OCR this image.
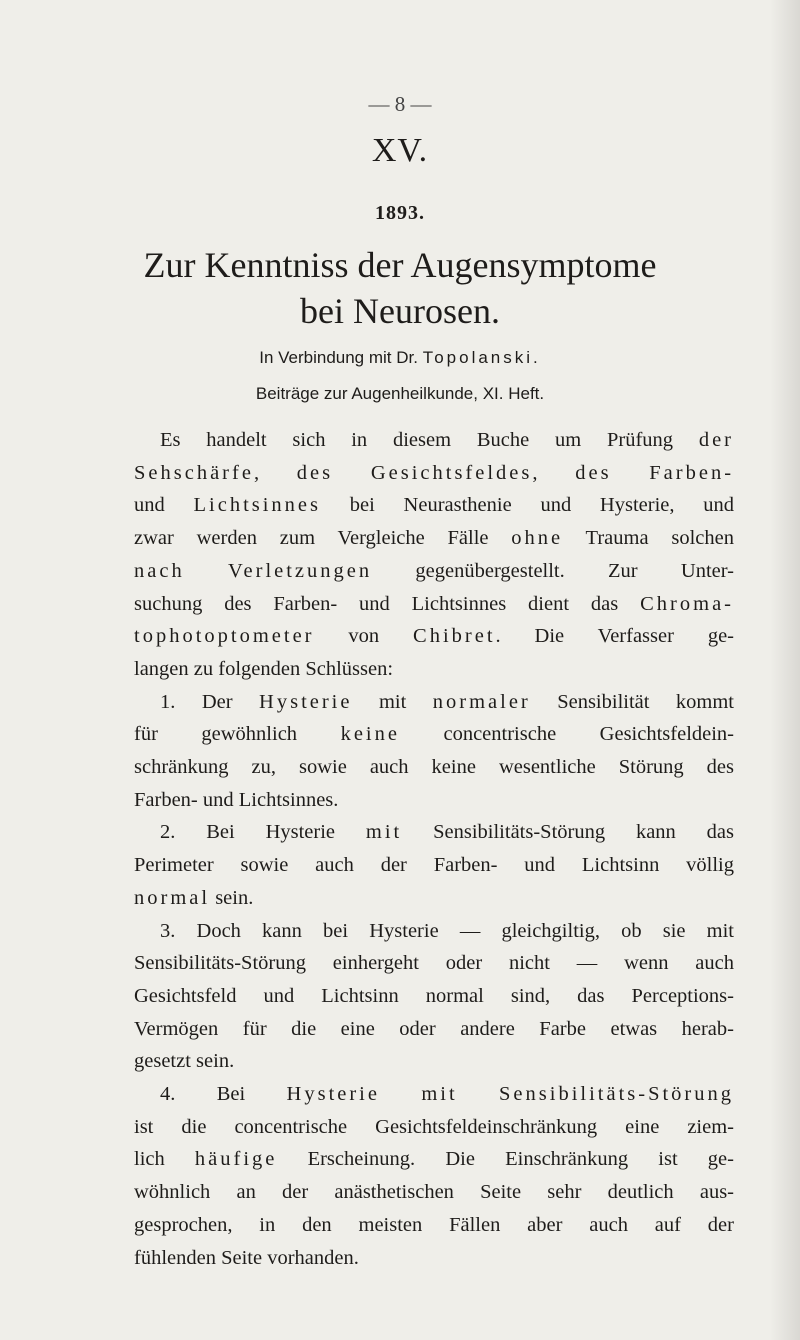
— 8 —
XV.
1893.
Zur Kenntniss der Augensymptome bei Neurosen.
In Verbindung mit Dr. Topolanski.
Beiträge zur Augenheilkunde, XI. Heft.

Es handelt sich in diesem Buche um Prüfung der

Sehschärfe, des Gesichtsfeldes, des Farben-

und Lichtsinnes bei Neurasthenie und Hysterie, und

zwar werden zum Vergleiche Fälle ohne Trauma solchen

nach Verletzungen gegenübergestellt. Zur Unter-

suchung des Farben- und Lichtsinnes dient das Chroma-

tophotoptometer von Chibret. Die Verfasser ge-

langen zu folgenden Schlüssen:

1. Der Hysterie mit normaler Sensibilität kommt

für gewöhnlich keine concentrische Gesichtsfeldein-

schränkung zu, sowie auch keine wesentliche Störung des

Farben- und Lichtsinnes.

2. Bei Hysterie mit Sensibilitäts-Störung kann das

Perimeter sowie auch der Farben- und Lichtsinn völlig

normal sein.

3. Doch kann bei Hysterie — gleichgiltig, ob sie mit

Sensibilitäts-Störung einhergeht oder nicht — wenn auch

Gesichtsfeld und Lichtsinn normal sind, das Perceptions-

Vermögen für die eine oder andere Farbe etwas herab-

gesetzt sein.

4. Bei Hysterie mit Sensibilitäts-Störung

ist die concentrische Gesichtsfeldeinschränkung eine ziem-

lich häufige Erscheinung. Die Einschränkung ist ge-

wöhnlich an der anästhetischen Seite sehr deutlich aus-

gesprochen, in den meisten Fällen aber auch auf der

fühlenden Seite vorhanden.
